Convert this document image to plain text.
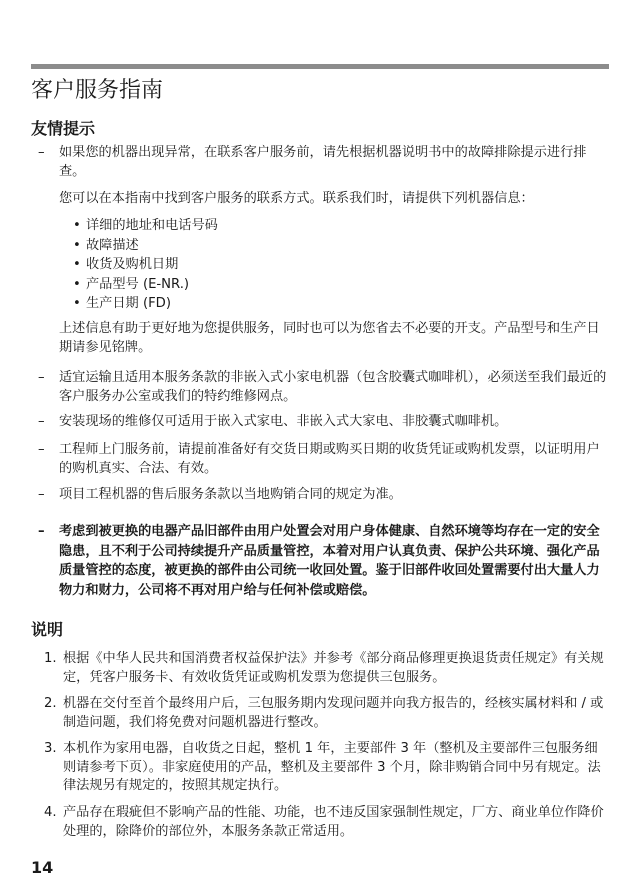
客户服务指南
友情提示
– 如果您的机器出现异常，在联系客户服务前，请先根据机器说明书中的故障排除提示进行排查。
您可以在本指南中找到客户服务的联系方式。联系我们时，请提供下列机器信息：
• 详细的地址和电话号码
• 故障描述
• 收货及购机日期
• 产品型号 (E-NR.)
• 生产日期 (FD)
上述信息有助于更好地为您提供服务，同时也可以为您省去不必要的开支。产品型号和生产日期请参见铭牌。
– 适宜运输且适用本服务条款的非嵌入式小家电机器（包含胶囊式咖啡机），必须送至我们最近的客户服务办公室或我们的特约维修网点。
– 安装现场的维修仅可适用于嵌入式家电、非嵌入式大家电、非胶囊式咖啡机。
– 工程师上门服务前，请提前准备好有交货日期或购买日期的收货凭证或购机发票，以证明用户的购机真实、合法、有效。
– 项目工程机器的售后服务条款以当地购销合同的规定为准。
– 考虑到被更换的电器产品旧部件由用户处置会对用户身体健康、自然环境等均存在一定的安全隐患，且不利于公司持续提升产品质量管控，本着对用户认真负责、保护公共环境、强化产品质量管控的态度，被更换的部件由公司统一收回处置。鉴于旧部件收回处置需要付出大量人力物力和财力，公司将不再对用户给与任何补偿或赔偿。
说明
1. 根据《中华人民共和国消费者权益保护法》并参考《部分商品修理更换退货责任规定》有关规定，凭客户服务卡、有效收货凭证或购机发票为您提供三包服务。
2. 机器在交付至首个最终用户后，三包服务期内发现问题并向我方报告的，经核实属材料和 / 或制造问题，我们将免费对问题机器进行整改。
3. 本机作为家用电器，自收货之日起，整机 1 年，主要部件 3 年（整机及主要部件三包服务细则请参考下页）。非家庭使用的产品，整机及主要部件 3 个月，除非购销合同中另有规定。法律法规另有规定的，按照其规定执行。
4. 产品存在瑕疵但不影响产品的性能、功能，也不违反国家强制性规定，厂方、商业单位作降价处理的，除降价的部位外，本服务条款正常适用。
14
